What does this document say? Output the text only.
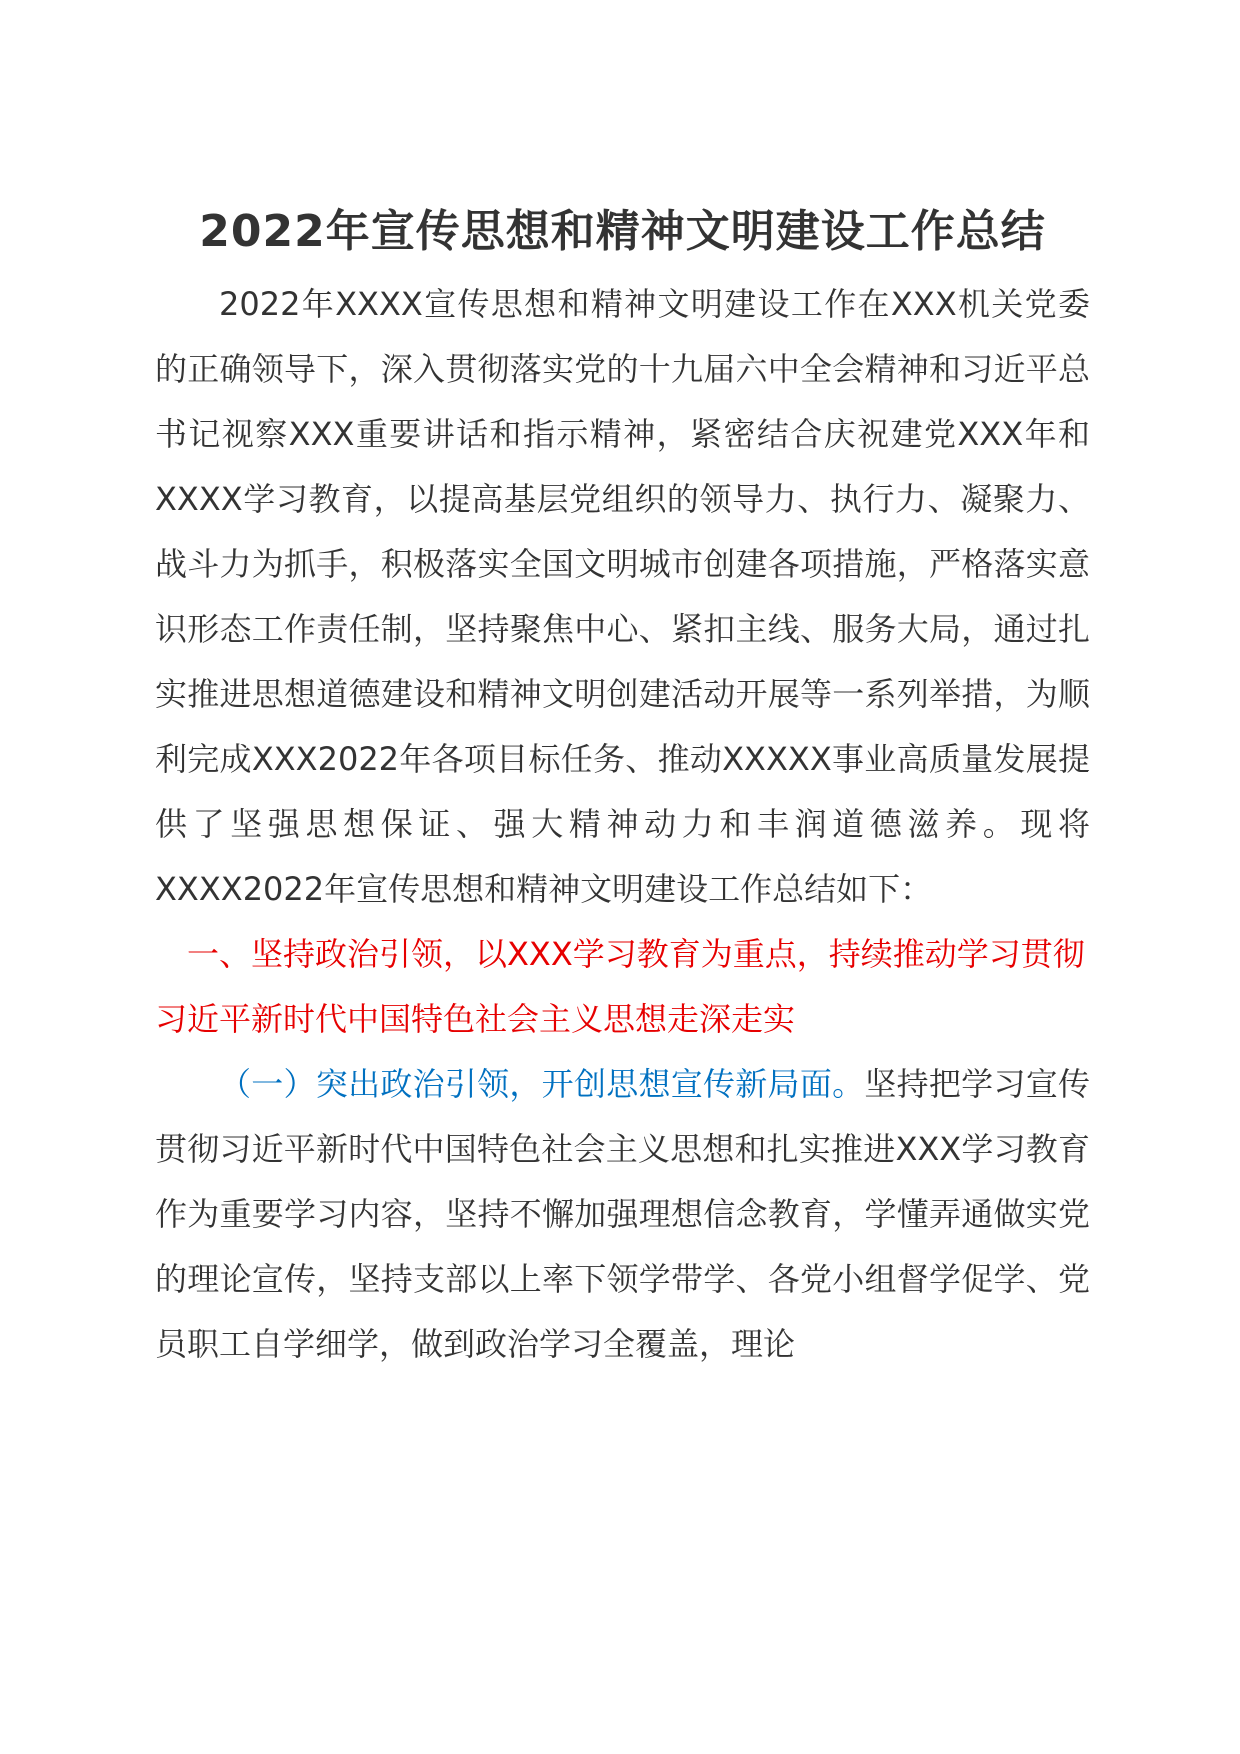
2022年宣传思想和精神文明建设工作总结

2022年XXXX宣传思想和精神文明建设工作在XXX机关党委的正确领导下，深入贯彻落实党的十九届六中全会精神和习近平总书记视察XXX重要讲话和指示精神，紧密结合庆祝建党XXX年和XXXX学习教育，以提高基层党组织的领导力、执行力、凝聚力、战斗力为抓手，积极落实全国文明城市创建各项措施，严格落实意识形态工作责任制，坚持聚焦中心、紧扣主线、服务大局，通过扎实推进思想道德建设和精神文明创建活动开展等一系列举措，为顺利完成XXX2022年各项目标任务、推动XXXXX事业高质量发展提供了坚强思想保证、强大精神动力和丰润道德滋养。现将XXXX2022年宣传思想和精神文明建设工作总结如下：

一、坚持政治引领，以XXX学习教育为重点，持续推动学习贯彻习近平新时代中国特色社会主义思想走深走实

（一）突出政治引领，开创思想宣传新局面。坚持把学习宣传贯彻习近平新时代中国特色社会主义思想和扎实推进XXX学习教育作为重要学习内容，坚持不懈加强理想信念教育，学懂弄通做实党的理论宣传，坚持支部以上率下领学带学、各党小组督学促学、党员职工自学细学，做到政治学习全覆盖，理论
